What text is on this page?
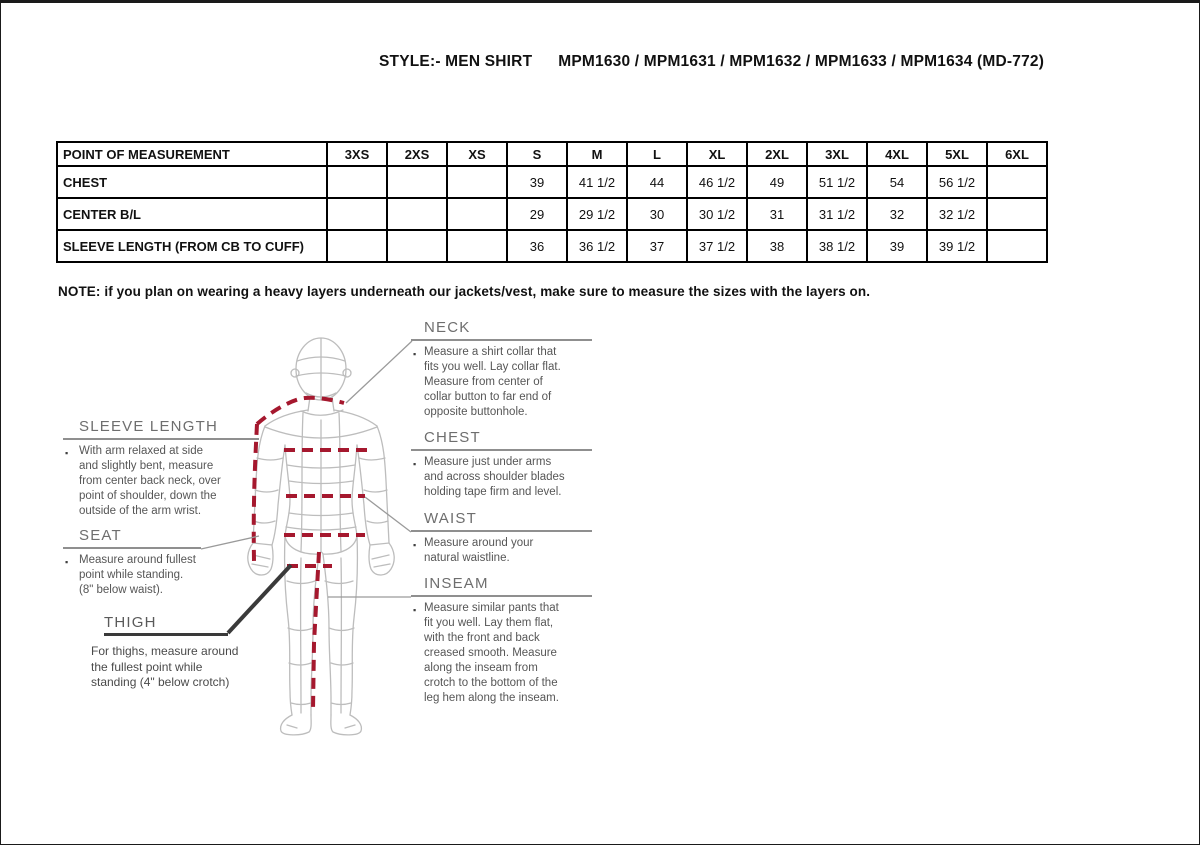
STYLE:- MEN SHIRT MPM1630 / MPM1631 / MPM1632 / MPM1633 / MPM1634 (MD-772)
POINT OF MEASUREMENT	3XS	2XS	XS	S	M	L	XL	2XL	3XL	4XL	5XL	6XL
CHEST				39	41 1/2	44	46 1/2	49	51 1/2	54	56 1/2	
CENTER B/L				29	29 1/2	30	30 1/2	31	31 1/2	32	32 1/2	
SLEEVE LENGTH (FROM CB TO CUFF)				36	36 1/2	37	37 1/2	38	38 1/2	39	39 1/2	
NOTE: if you plan on wearing a heavy layers underneath our jackets/vest, make sure to measure the sizes with the layers on.
NECK
Measure a shirt collar that
fits you well. Lay collar flat.
Measure from center of
collar button to far end of
opposite buttonhole.
▪
CHEST
Measure just under arms
and across shoulder blades
holding tape firm and level.
▪
WAIST
Measure around your
natural waistline.
▪
INSEAM
Measure similar pants that
fit you well. Lay them flat,
with the front and back
creased smooth. Measure
along the inseam from
crotch to the bottom of the
leg hem along the inseam.
▪
SLEEVE LENGTH
With arm relaxed at side
and slightly bent, measure
from center back neck, over
point of shoulder, down the
outside of the arm wrist.
▪
SEAT
Measure around fullest
point while standing.
(8" below waist).
▪
THIGH
For thighs, measure around
the fullest point while
standing (4" below crotch)
